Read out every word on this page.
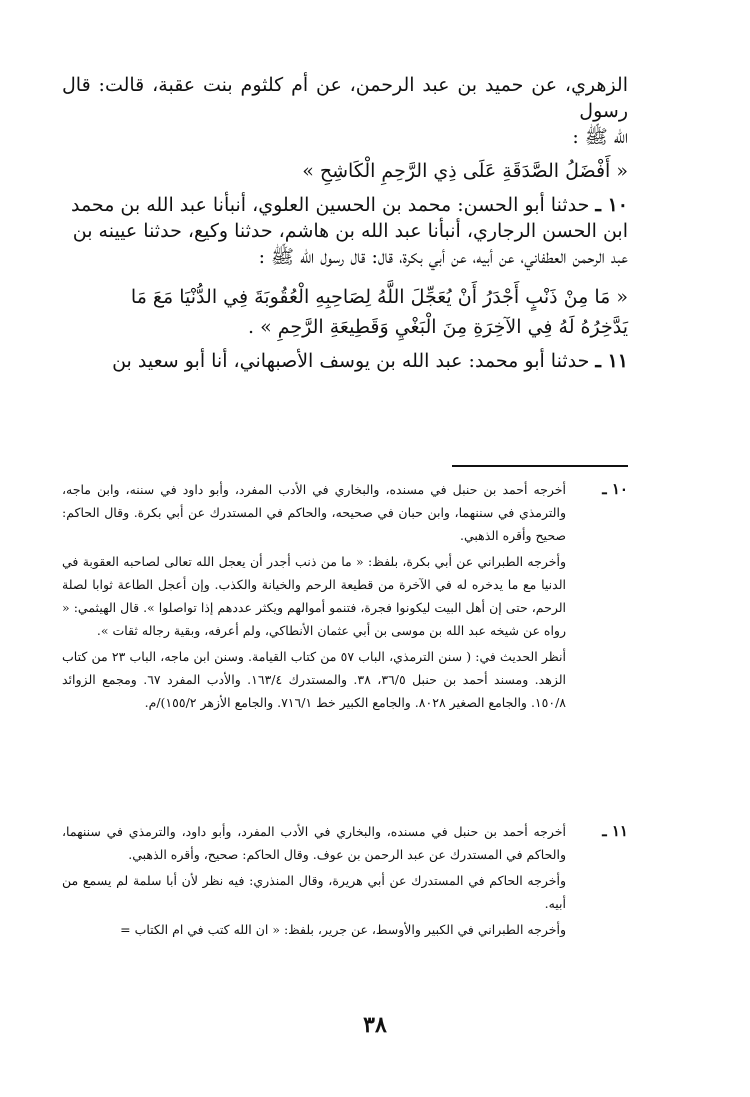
الزهري، عن حميد بن عبد الرحمن، عن أم كلثوم بنت عقبة، قالت: قال رسول

الله ﷺ :

« أَفْضَلُ الصَّدَقَةِ عَلَى ذِي الرَّحِمِ الْكَاشِحِ »

١٠ ـ حدثنا أبو الحسن: محمد بن الحسين العلوي، أنبأنا عبد الله بن محمد

ابن الحسن الرجاري، أنبأنا عبد الله بن هاشم، حدثنا وكيع، حدثنا عيينه بن

عبد الرحمن العطفاني، عن أبيه، عن أبي بكرة، قال: قال رسول الله ﷺ :

« مَا مِنْ ذَنْبٍ أَجْدَرُ أَنْ يُعَجِّلَ اللَّهُ لِصَاحِبِهِ الْعُقُوبَةَ فِي الدُّنْيَا مَعَ مَا

يَدَّخِرُهُ لَهُ فِي الآخِرَةِ مِنَ الْبَغْيِ وَقَطِيعَةِ الرَّحِمِ » .

١١ ـ حدثنا أبو محمد: عبد الله بن يوسف الأصبهاني، أنا أبو سعيد بن

١٠ ـ

أخرجه أحمد بن حنبل في مسنده، والبخاري في الأدب المفرد، وأبو داود في سننه، وابن ماجه، والترمذي في سننهما، وابن حبان في صحيحه، والحاكم في المستدرك عن أبي بكرة. وقال الحاكم: صحيح وأقره الذهبي.

وأخرجه الطبراني عن أبي بكرة، بلفظ: « ما من ذنب أجدر أن يعجل الله تعالى لصاحبه العقوبة في الدنيا مع ما يدخره له في الآخرة من قطيعة الرحم والخيانة والكذب. وإن أعجل الطاعة ثوابا لصلة الرحم، حتى إن أهل البيت ليكونوا فجرة، فتنمو أموالهم ويكثر عددهم إذا تواصلوا ». قال الهيثمي: « رواه عن شيخه عبد الله بن موسى بن أبي عثمان الأنطاكي، ولم أعرفه، وبقية رجاله ثقات ».

أنظر الحديث في: ( سنن الترمذي، الباب ٥٧ من كتاب القيامة. وسنن ابن ماجه، الباب ٢٣ من كتاب الزهد. ومسند أحمد بن حنبل ٣٦/٥، ٣٨. والمستدرك ١٦٣/٤. والأدب المفرد ٦٧. ومجمع الزوائد ١٥٠/٨. والجامع الصغير ٨٠٢٨. والجامع الكبير خط ٧١٦/١. والجامع الأزهر ١٥٥/٢)/م.

١١ ـ

أخرجه أحمد بن حنبل في مسنده، والبخاري في الأدب المفرد، وأبو داود، والترمذي في سننهما، والحاكم في المستدرك عن عبد الرحمن بن عوف. وقال الحاكم: صحيح، وأقره الذهبي.

وأخرجه الحاكم في المستدرك عن أبي هريرة، وقال المنذري: فيه نظر لأن أبا سلمة لم يسمع من أبيه.

وأخرجه الطبراني في الكبير والأوسط، عن جرير، بلفظ: « ان الله كتب في ام الكتاب =

٣٨
